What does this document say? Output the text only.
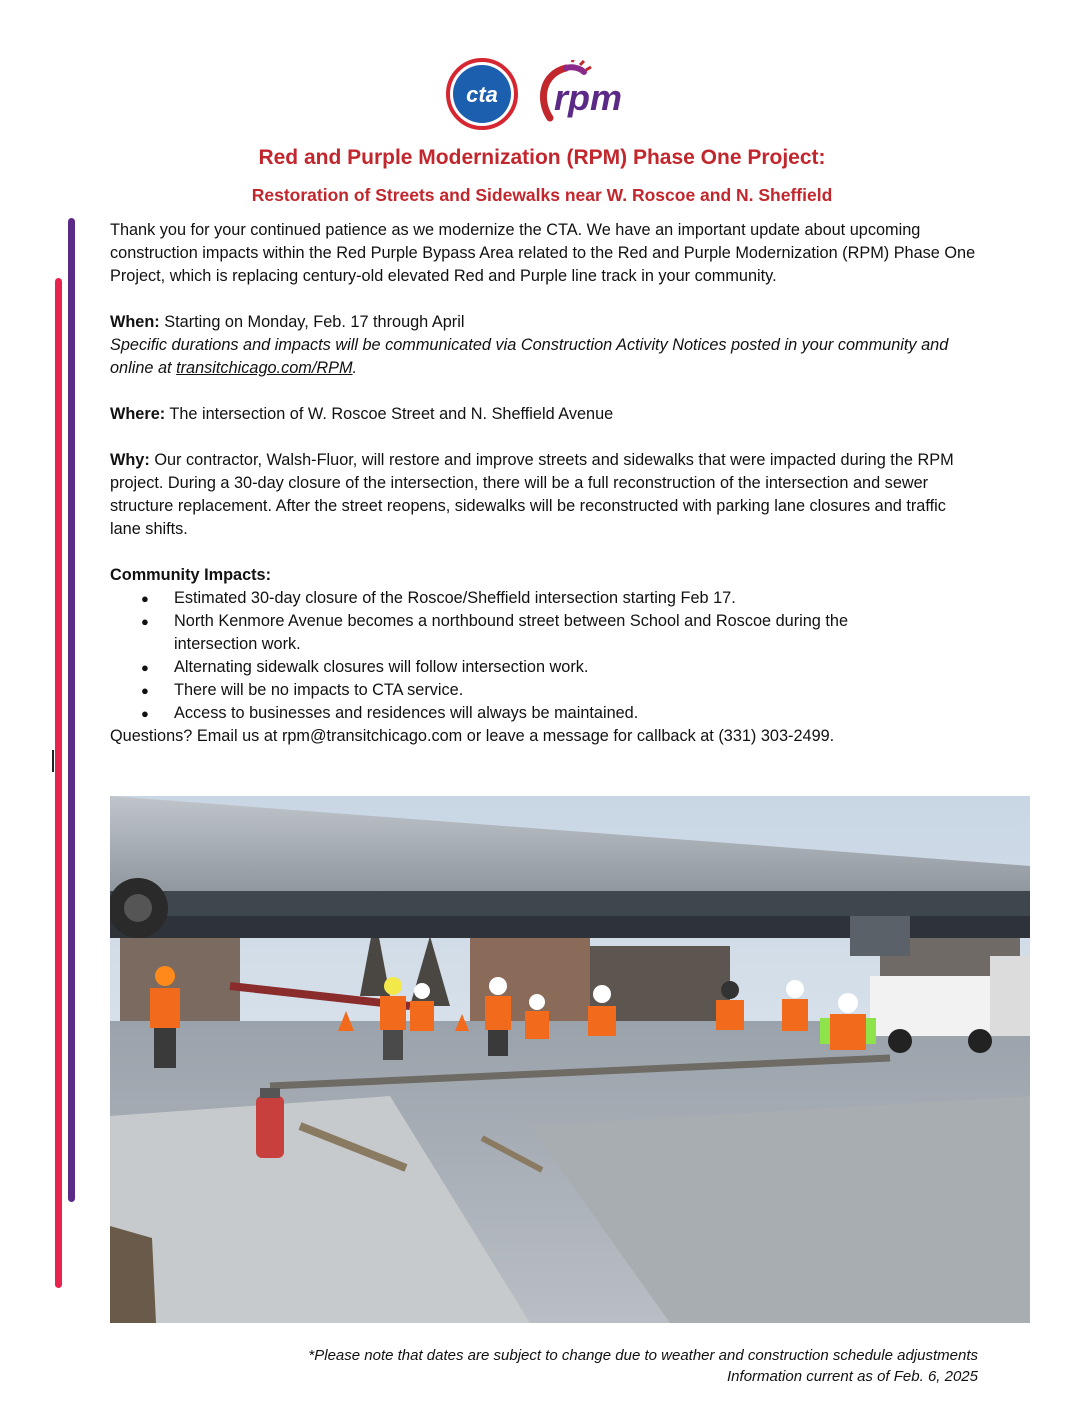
cta rpm
Red and Purple Modernization (RPM) Phase One Project:
Restoration of Streets and Sidewalks near W. Roscoe and N. Sheffield

Thank you for your continued patience as we modernize the CTA. We have an important update about upcoming construction impacts within the Red Purple Bypass Area related to the Red and Purple Modernization (RPM) Phase One Project, which is replacing century-old elevated Red and Purple line track in your community.

When: Starting on Monday, Feb. 17 through April

Specific durations and impacts will be communicated via Construction Activity Notices posted in your community and online at transitchicago.com/RPM.

Where: The intersection of W. Roscoe Street and N. Sheffield Avenue

Why: Our contractor, Walsh-Fluor, will restore and improve streets and sidewalks that were impacted during the RPM project. During a 30-day closure of the intersection, there will be a full reconstruction of the intersection and sewer structure replacement. After the street reopens, sidewalks will be reconstructed with parking lane closures and traffic lane shifts.

Community Impacts:

● Estimated 30-day closure of the Roscoe/Sheffield intersection starting Feb 17.
● North Kenmore Avenue becomes a northbound street between School and Roscoe during the intersection work.
● Alternating sidewalk closures will follow intersection work.
● There will be no impacts to CTA service.
● Access to businesses and residences will always be maintained.

Questions? Email us at rpm@transitchicago.com or leave a message for callback at (331) 303-2499.

*Please note that dates are subject to change due to weather and construction schedule adjustments

Information current as of Feb. 6, 2025
